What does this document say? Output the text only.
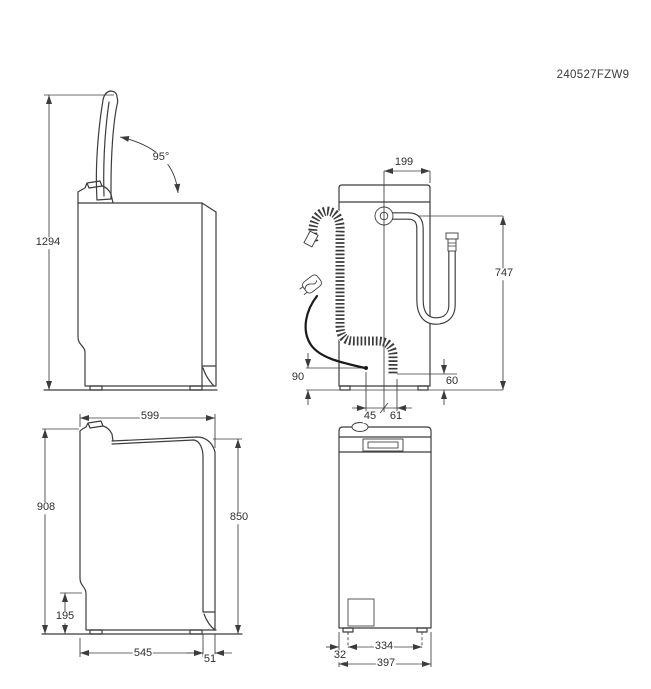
240527FZW9
1294
95°	199
747
90	60
45 61
599
908
850
195
545	51
334
32
397
